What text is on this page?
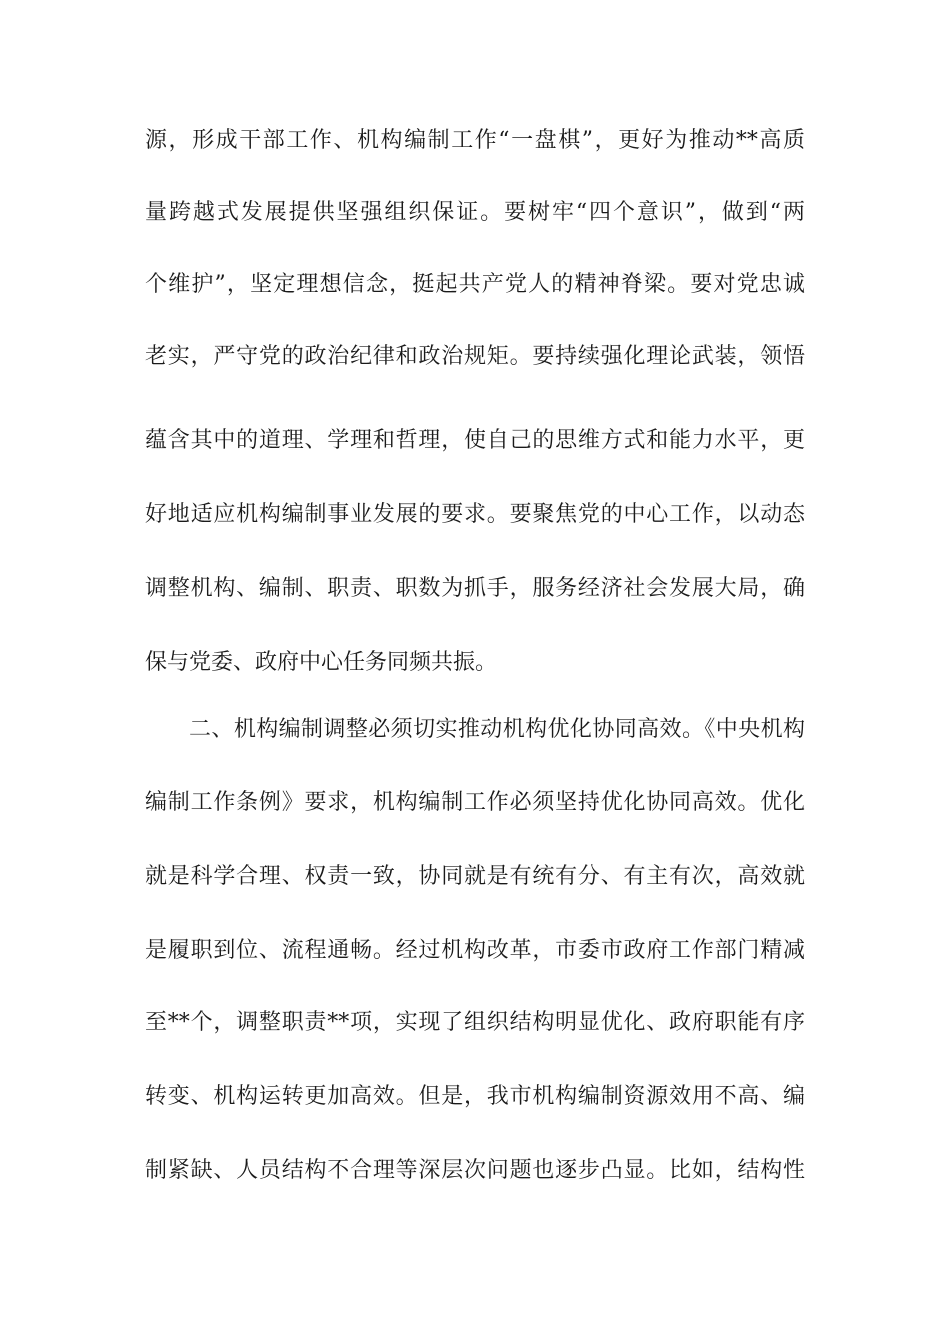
源，形成干部工作、机构编制工作“一盘棋”，更好为推动**高质
量跨越式发展提供坚强组织保证。要树牢“四个意识”，做到“两
个维护”，坚定理想信念，挺起共产党人的精神脊梁。要对党忠诚
老实，严守党的政治纪律和政治规矩。要持续强化理论武装，领悟
蕴含其中的道理、学理和哲理，使自己的思维方式和能力水平，更
好地适应机构编制事业发展的要求。要聚焦党的中心工作，以动态
调整机构、编制、职责、职数为抓手，服务经济社会发展大局，确
保与党委、政府中心任务同频共振。
二、机构编制调整必须切实推动机构优化协同高效。《中央机构
编制工作条例》要求，机构编制工作必须坚持优化协同高效。优化
就是科学合理、权责一致，协同就是有统有分、有主有次，高效就
是履职到位、流程通畅。经过机构改革，市委市政府工作部门精减
至**个，调整职责**项，实现了组织结构明显优化、政府职能有序
转变、机构运转更加高效。但是，我市机构编制资源效用不高、编
制紧缺、人员结构不合理等深层次问题也逐步凸显。比如，结构性
